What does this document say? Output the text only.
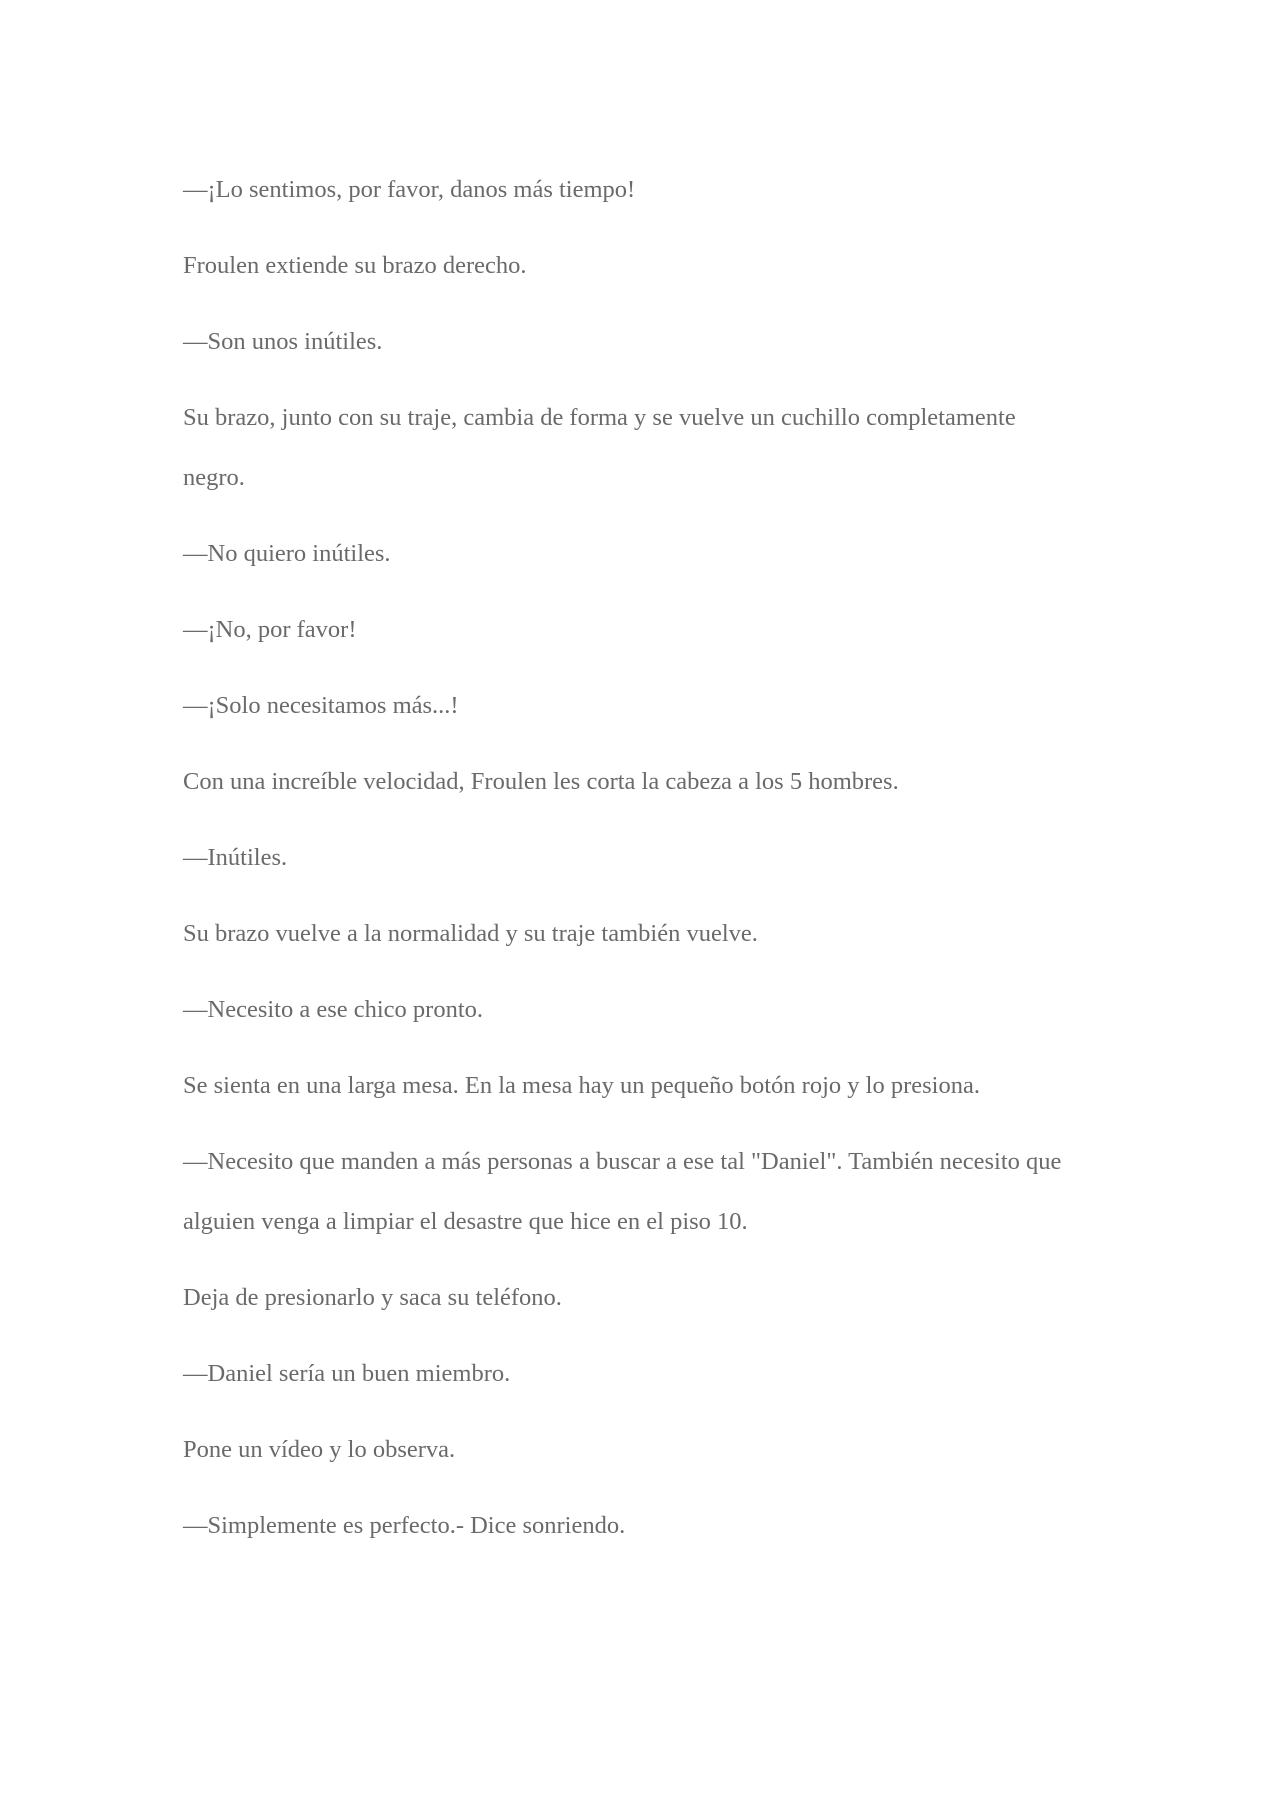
—¡Lo sentimos, por favor, danos más tiempo!

Froulen extiende su brazo derecho.

—Son unos inútiles.

Su brazo, junto con su traje, cambia de forma y se vuelve un cuchillo completamente negro.

—No quiero inútiles.

—¡No, por favor!

—¡Solo necesitamos más...!

Con una increíble velocidad, Froulen les corta la cabeza a los 5 hombres.

—Inútiles.

Su brazo vuelve a la normalidad y su traje también vuelve.

—Necesito a ese chico pronto.

Se sienta en una larga mesa. En la mesa hay un pequeño botón rojo y lo presiona.

—Necesito que manden a más personas a buscar a ese tal "Daniel". También necesito que alguien venga a limpiar el desastre que hice en el piso 10.

Deja de presionarlo y saca su teléfono.

—Daniel sería un buen miembro.

Pone un vídeo y lo observa.

—Simplemente es perfecto.- Dice sonriendo.
